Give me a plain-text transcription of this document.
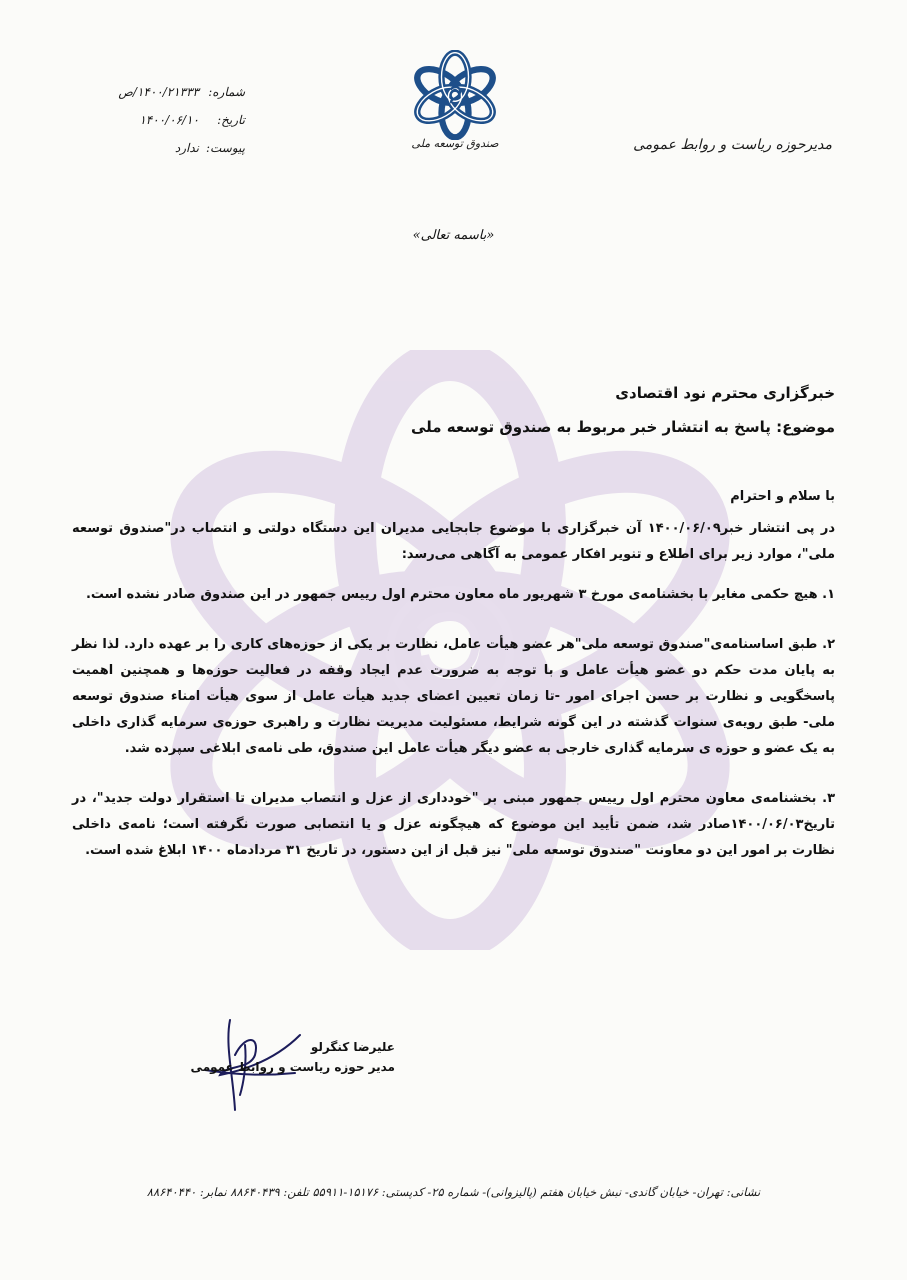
صندوق توسعه ملی	مدیرحوزه ریاست و روابط عمومی
شماره:
۱۴۰۰/۲۱۳۳۳/ص
تاریخ:
۱۴۰۰/۰۶/۱۰
پیوست:
ندارد
«باسمه تعالی»

خبرگزاری محترم نود اقتصادی

موضوع: پاسخ به انتشار خبر مربوط به صندوق توسعه ملی

با سلام و احترام

در پی انتشار خبر۱۴۰۰/۰۶/۰۹ آن خبرگزاری با موضوع جابجایی مدیران این دستگاه دولتی و انتصاب در"صندوق توسعه ملی"، موارد زیر برای اطلاع و تنویر افکار عمومی به آگاهی می‌رسد:

۱. هیچ حکمی مغایر با بخشنامه‌ی مورخ ۳ شهریور ماه معاون محترم اول رییس جمهور در این صندوق صادر نشده است.

۲. طبق اساسنامه‌ی"صندوق توسعه ملی"هر عضو هیأت عامل، نظارت بر یکی از حوزه‌های کاری را بر عهده دارد. لذا نظر به پایان مدت حکم دو عضو هیأت عامل و با توجه به ضرورت عدم ایجاد وقفه در فعالیت حوزه‌ها و همچنین اهمیت پاسخگویی و نظارت بر حسن اجرای امور -تا زمان تعیین اعضای جدید هیأت عامل از سوی هیأت امناء صندوق توسعه ملی- طبق رویه‌ی سنوات گذشته در این گونه شرایط، مسئولیت مدیریت نظارت و راهبری حوزه‌ی سرمایه گذاری داخلی به یک عضو و حوزه ی سرمایه گذاری خارجی به عضو دیگر هیأت عامل این صندوق، طی نامه‌ی ابلاغی سپرده شد.

۳. بخشنامه‌ی معاون محترم اول رییس جمهور مبنی بر "خودداری از عزل و انتصاب مدیران تا استقرار دولت جدید"، در تاریخ۱۴۰۰/۰۶/۰۳صادر شد، ضمن تأیید این موضوع که هیچگونه عزل و یا انتصابی صورت نگرفته است؛ نامه‌ی داخلی نظارت بر امور این دو معاونت "صندوق توسعه ملی" نیز قبل از این دستور، در تاریخ ۳۱ مردادماه ۱۴۰۰ ابلاغ شده است.

علیرضا کنگرلو
مدیر حوزه ریاست و روابط عمومی
نشانی: تهران- خیابان گاندی- نبش خیابان هفتم (پالیزوانی)- شماره ۲۵- کدپستی: ۱۵۱۷۶-۵۵۹۱۱ تلفن: ۸۸۶۴۰۴۳۹ نمابر: ۸۸۶۴۰۴۴۰
